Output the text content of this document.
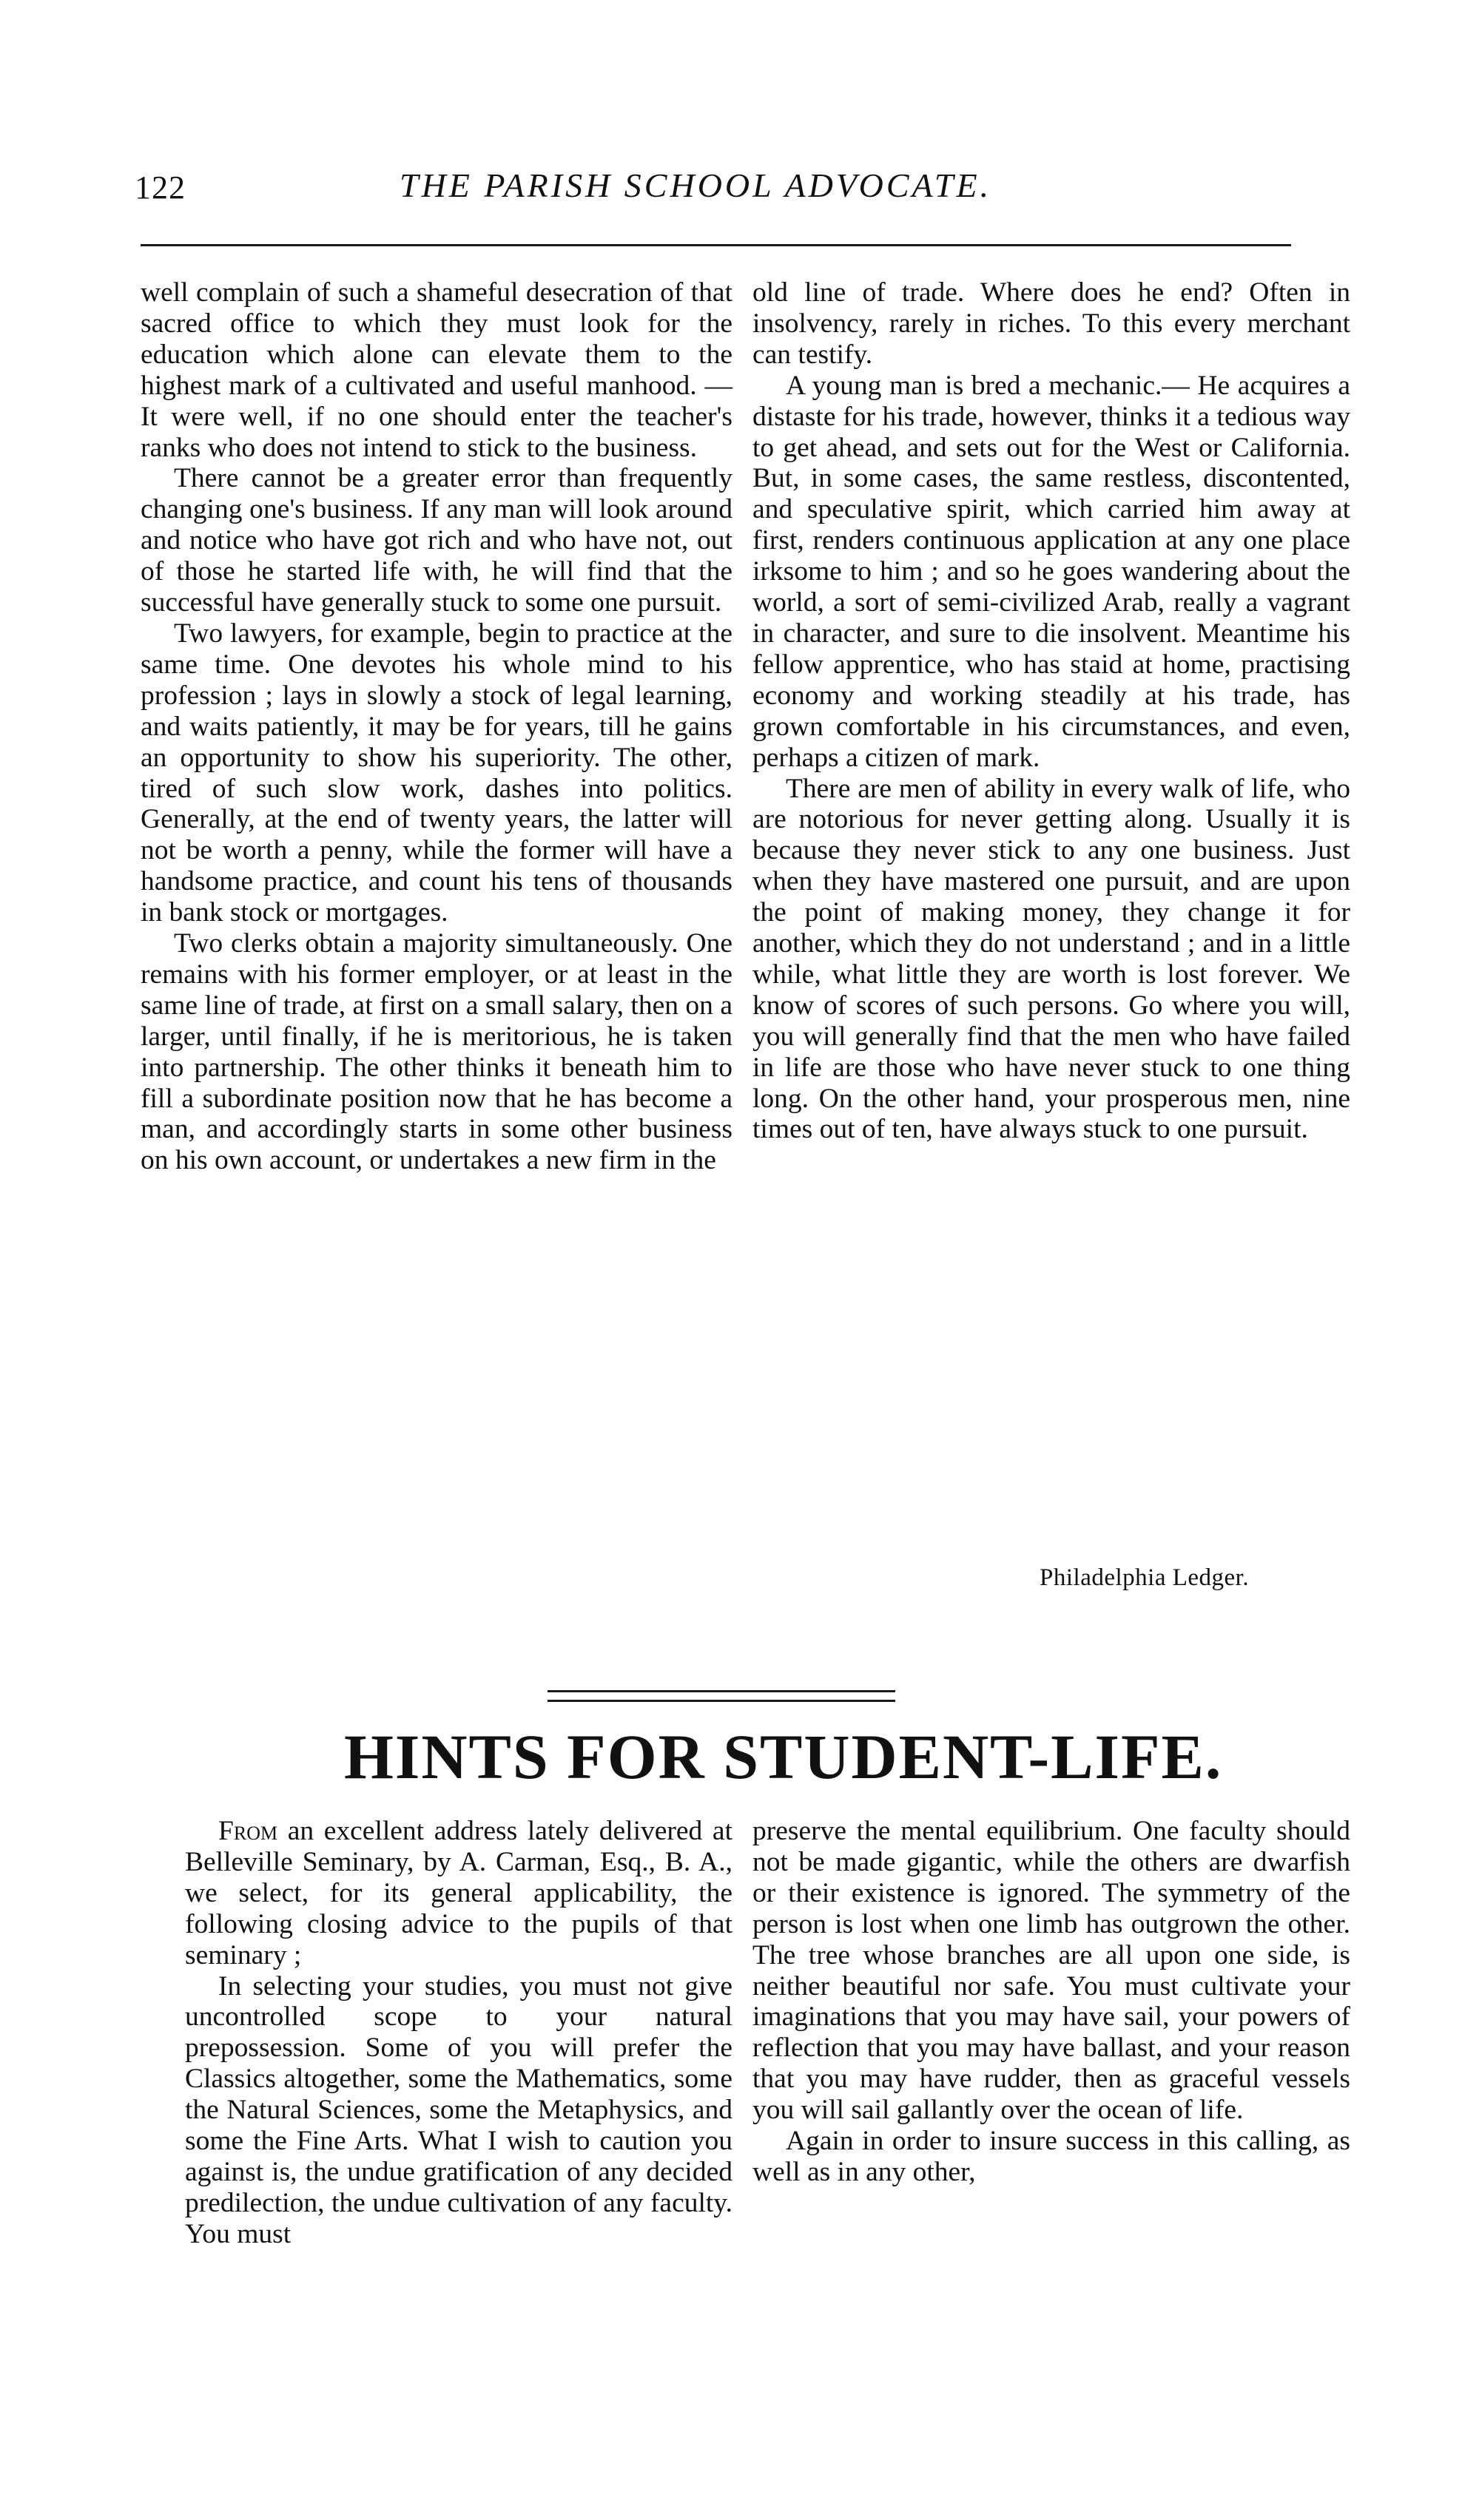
122	THE PARISH SCHOOL ADVOCATE.

well complain of such a shameful desecration of that sacred office to which they must look for the education which alone can elevate them to the highest mark of a cultivated and useful manhood. —It were well, if no one should enter the teacher's ranks who does not intend to stick to the business.

There cannot be a greater error than frequently changing one's business. If any man will look around and notice who have got rich and who have not, out of those he started life with, he will find that the successful have generally stuck to some one pursuit.

Two lawyers, for example, begin to practice at the same time. One devotes his whole mind to his profession ; lays in slowly a stock of legal learning, and waits patiently, it may be for years, till he gains an opportunity to show his superiority. The other, tired of such slow work, dashes into politics. Generally, at the end of twenty years, the latter will not be worth a penny, while the former will have a handsome practice, and count his tens of thousands in bank stock or mortgages.

Two clerks obtain a majority simultaneously. One remains with his former employer, or at least in the same line of trade, at first on a small salary, then on a larger, until finally, if he is meritorious, he is taken into partnership. The other thinks it beneath him to fill a subordinate position now that he has become a man, and accordingly starts in some other business on his own account, or undertakes a new firm in the

old line of trade. Where does he end? Often in insolvency, rarely in riches. To this every merchant can testify.

A young man is bred a mechanic.— He acquires a distaste for his trade, however, thinks it a tedious way to get ahead, and sets out for the West or California. But, in some cases, the same restless, discontented, and speculative spirit, which carried him away at first, renders continuous application at any one place irksome to him ; and so he goes wandering about the world, a sort of semi-civilized Arab, really a vagrant in character, and sure to die insolvent. Meantime his fellow apprentice, who has staid at home, practising economy and working steadily at his trade, has grown comfortable in his circumstances, and even, perhaps a citizen of mark.

There are men of ability in every walk of life, who are notorious for never getting along. Usually it is because they never stick to any one business. Just when they have mastered one pursuit, and are upon the point of making money, they change it for another, which they do not understand ; and in a little while, what little they are worth is lost forever. We know of scores of such persons. Go where you will, you will generally find that the men who have failed in life are those who have never stuck to one thing long. On the other hand, your prosperous men, nine times out of ten, have always stuck to one pursuit.

Philadelphia Ledger.
HINTS FOR STUDENT-LIFE.

From an excellent address lately delivered at Belleville Seminary, by A. Carman, Esq., B. A., we select, for its general applicability, the following closing advice to the pupils of that seminary ;

In selecting your studies, you must not give uncontrolled scope to your natural prepossession. Some of you will prefer the Classics altogether, some the Mathematics, some the Natural Sciences, some the Metaphysics, and some the Fine Arts. What I wish to caution you against is, the undue gratification of any decided predilection, the undue cultivation of any faculty. You must

preserve the mental equilibrium. One faculty should not be made gigantic, while the others are dwarfish or their existence is ignored. The symmetry of the person is lost when one limb has outgrown the other. The tree whose branches are all upon one side, is neither beautiful nor safe. You must cultivate your imaginations that you may have sail, your powers of reflection that you may have ballast, and your reason that you may have rudder, then as graceful vessels you will sail gallantly over the ocean of life.

Again in order to insure success in this calling, as well as in any other,
